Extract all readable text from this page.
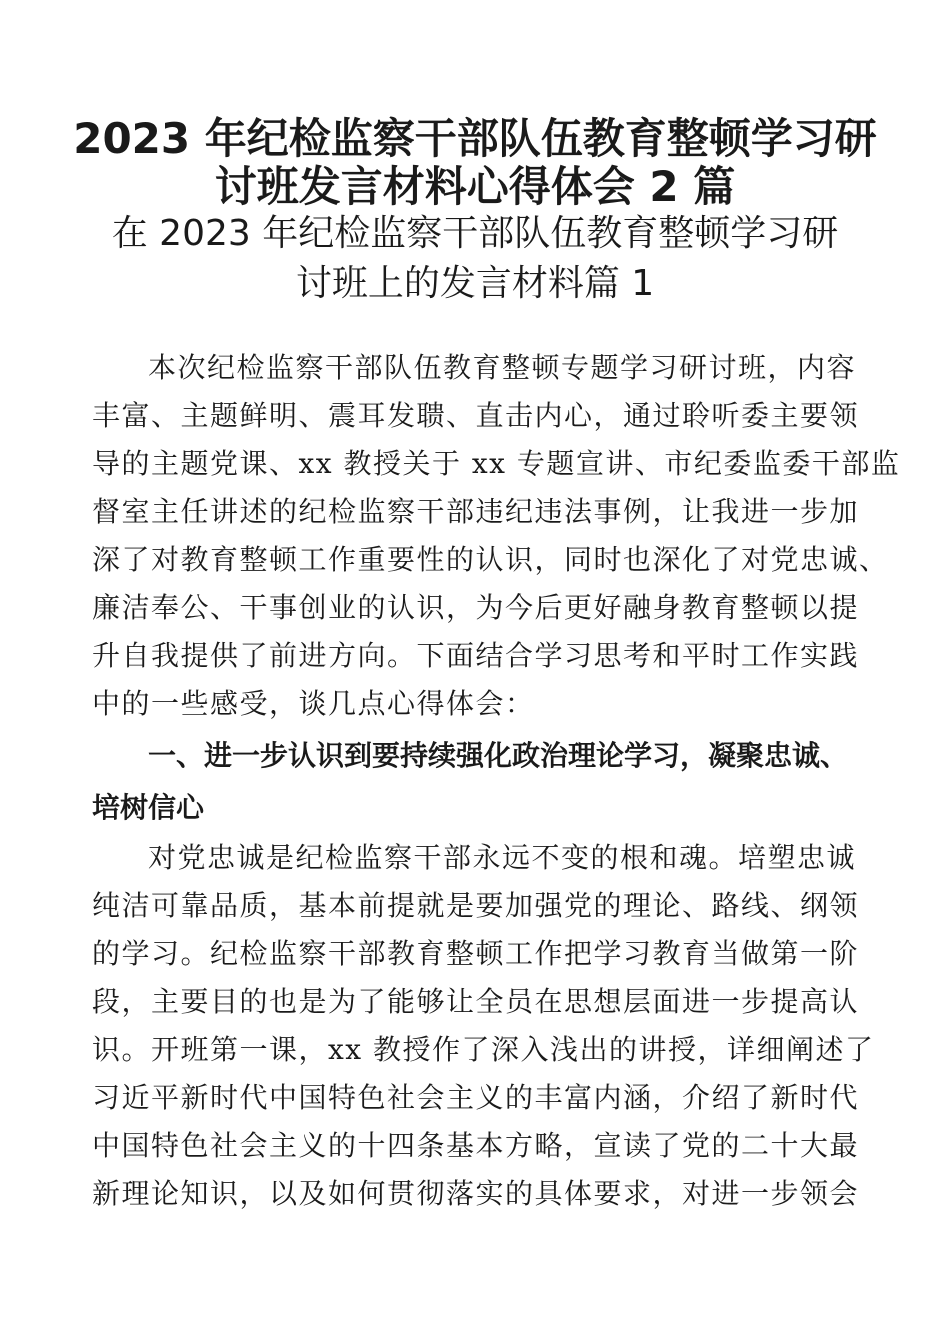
2023 年纪检监察干部队伍教育整顿学习研
讨班发言材料心得体会 2 篇
在 2023 年纪检监察干部队伍教育整顿学习研
讨班上的发言材料篇 1
本次纪检监察干部队伍教育整顿专题学习研讨班，内容
丰富、主题鲜明、震耳发聩、直击内心，通过聆听委主要领
导的主题党课、xx 教授关于 xx 专题宣讲、市纪委监委干部监
督室主任讲述的纪检监察干部违纪违法事例，让我进一步加
深了对教育整顿工作重要性的认识，同时也深化了对党忠诚、
廉洁奉公、干事创业的认识，为今后更好融身教育整顿以提
升自我提供了前进方向。下面结合学习思考和平时工作实践
中的一些感受，谈几点心得体会：
一、进一步认识到要持续强化政治理论学习，凝聚忠诚、
培树信心
对党忠诚是纪检监察干部永远不变的根和魂。培塑忠诚
纯洁可靠品质，基本前提就是要加强党的理论、路线、纲领
的学习。纪检监察干部教育整顿工作把学习教育当做第一阶
段，主要目的也是为了能够让全员在思想层面进一步提高认
识。开班第一课，xx 教授作了深入浅出的讲授，详细阐述了
习近平新时代中国特色社会主义的丰富内涵，介绍了新时代
中国特色社会主义的十四条基本方略，宣读了党的二十大最
新理论知识，以及如何贯彻落实的具体要求，对进一步领会
